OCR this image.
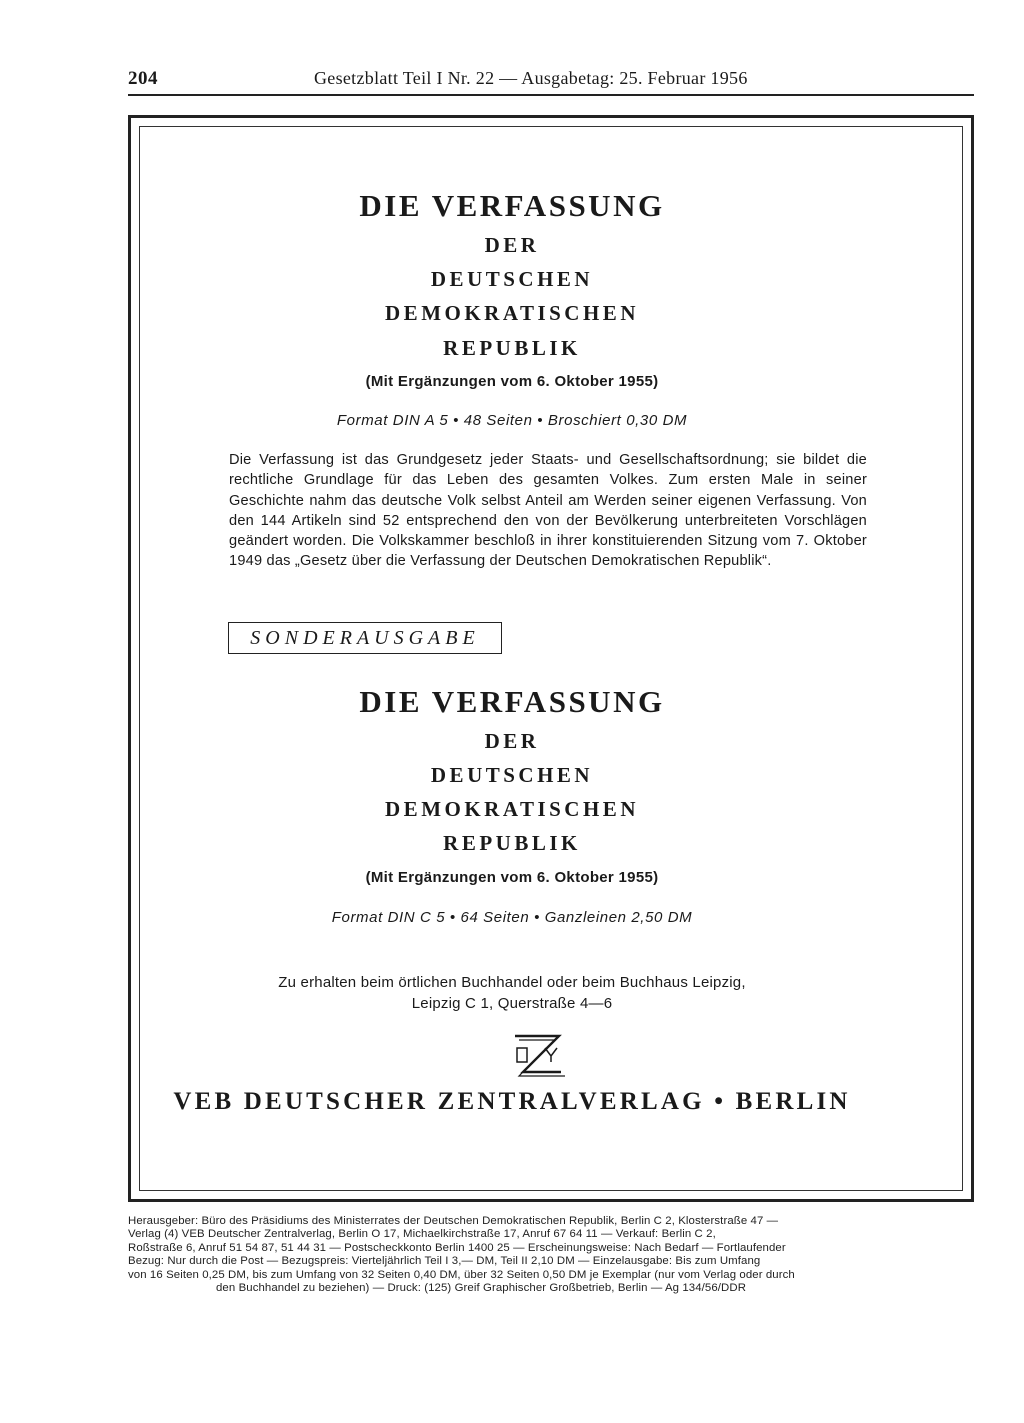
204	Gesetzblatt Teil I Nr. 22 — Ausgabetag: 25. Februar 1956
DIE VERFASSUNG
DER
DEUTSCHEN
DEMOKRATISCHEN
REPUBLIK
(Mit Ergänzungen vom 6. Oktober 1955)
Format DIN A 5 • 48 Seiten • Broschiert 0,30 DM
Die Verfassung ist das Grundgesetz jeder Staats- und Gesellschaftsordnung; sie bildet die rechtliche Grundlage für das Leben des gesamten Volkes. Zum ersten Male in seiner Geschichte nahm das deutsche Volk selbst Anteil am Werden seiner eigenen Verfassung. Von den 144 Artikeln sind 52 entsprechend den von der Bevölkerung unterbreiteten Vorschlägen geändert worden. Die Volkskammer beschloß in ihrer konstituierenden Sitzung vom 7. Oktober 1949 das „Gesetz über die Verfassung der Deutschen Demokratischen Republik“.
SONDERAUSGABE
DIE VERFASSUNG
DER
DEUTSCHEN
DEMOKRATISCHEN
REPUBLIK
(Mit Ergänzungen vom 6. Oktober 1955)
Format DIN C 5 • 64 Seiten • Ganzleinen 2,50 DM
Zu erhalten beim örtlichen Buchhandel oder beim Buchhaus Leipzig,
Leipzig C 1, Querstraße 4—6
VEB DEUTSCHER ZENTRALVERLAG • BERLIN
Herausgeber: Büro des Präsidiums des Ministerrates der Deutschen Demokratischen Republik, Berlin C 2, Klosterstraße 47 —
Verlag (4) VEB Deutscher Zentralverlag, Berlin O 17, Michaelkirchstraße 17, Anruf 67 64 11 — Verkauf: Berlin C 2,
Roßstraße 6, Anruf 51 54 87, 51 44 31 — Postscheckkonto Berlin 1400 25 — Erscheinungsweise: Nach Bedarf — Fortlaufender
Bezug: Nur durch die Post — Bezugspreis: Vierteljährlich Teil I 3,— DM, Teil II 2,10 DM — Einzelausgabe: Bis zum Umfang
von 16 Seiten 0,25 DM, bis zum Umfang von 32 Seiten 0,40 DM, über 32 Seiten 0,50 DM je Exemplar (nur vom Verlag oder durch
den Buchhandel zu beziehen) — Druck: (125) Greif Graphischer Großbetrieb, Berlin — Ag 134/56/DDR
